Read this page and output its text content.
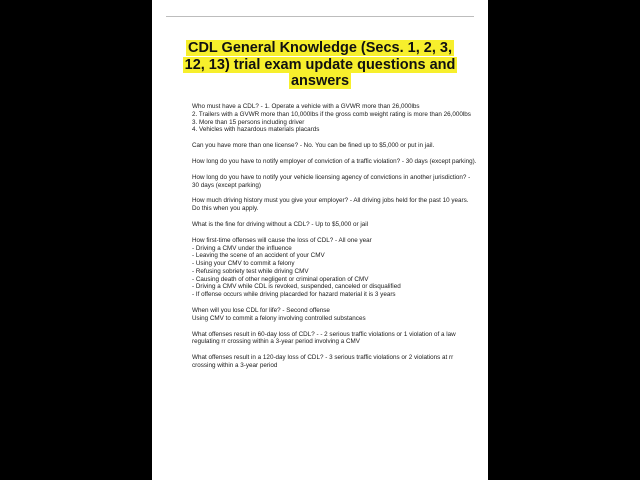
CDL General Knowledge (Secs. 1, 2, 3,
12, 13) trial exam update questions and
answers
Who must have a CDL? - 1. Operate a vehicle with a GVWR more than 26,000lbs
2. Trailers with a GVWR more than 10,000lbs if the gross comb weight rating is more than 26,000lbs
3. More than 15 persons including driver
4. Vehicles with hazardous materials placards
Can you have more than one license? - No. You can be fined up to $5,000 or put in jail.
How long do you have to notify employer of conviction of a traffic violation? - 30 days (except parking).
How long do you have to notify your vehicle licensing agency of convictions in another jurisdiction? - 30 days (except parking)
How much driving history must you give your employer? - All driving jobs held for the past 10 years. Do this when you apply.
What is the fine for driving without a CDL? - Up to $5,000 or jail
How first-time offenses will cause the loss of CDL? - All one year
- Driving a CMV under the influence
- Leaving the scene of an accident of your CMV
- Using your CMV to commit a felony
- Refusing sobriety test while driving CMV
- Causing death of other negligent or criminal operation of CMV
- Driving a CMV while CDL is revoked, suspended, canceled or disqualified
- If offense occurs while driving placarded for hazard material it is 3 years
When will you lose CDL for life? - Second offense
Using CMV to commit a felony involving controlled substances
What offenses result in 60-day loss of CDL? - - 2 serious traffic violations or 1 violation of a law regulating rr crossing within a 3-year period involving a CMV
What offenses result in a 120-day loss of CDL? - 3 serious traffic violations or 2 violations at rr crossing within a 3-year period
